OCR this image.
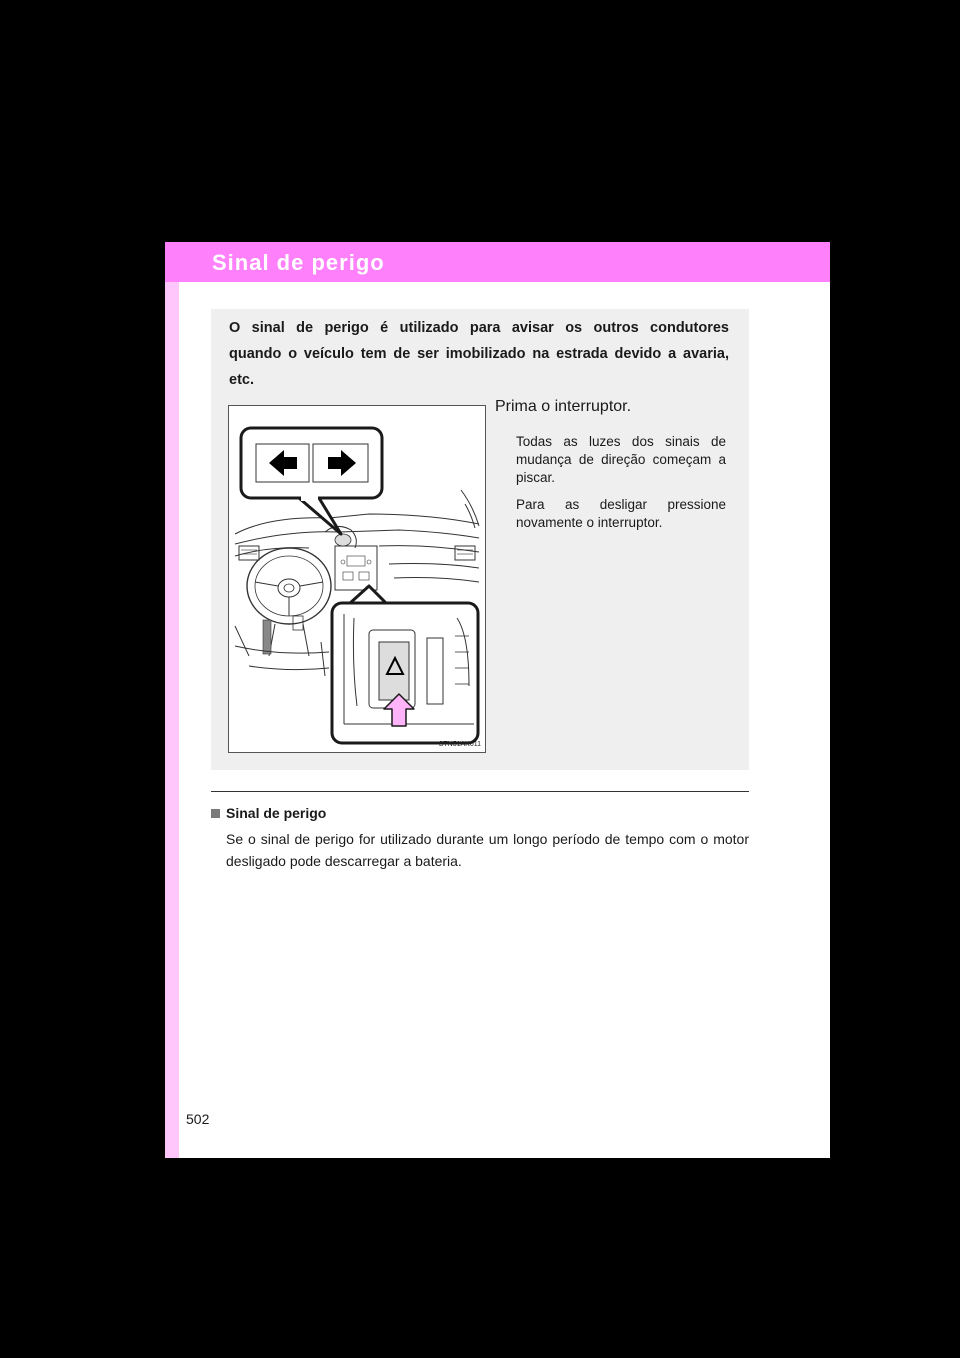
Sinal de perigo

O sinal de perigo é utilizado para avisar os outros condutores quando o veículo tem de ser imobilizado na estrada devido a avaria, etc.

STN51AK011

Prima o interruptor.

Todas as luzes dos sinais de mudança de direção começam a piscar.

Para as desligar pressione novamente o interruptor.

Sinal de perigo

Se o sinal de perigo for utilizado durante um longo período de tempo com o motor desligado pode descarregar a bateria.

502
